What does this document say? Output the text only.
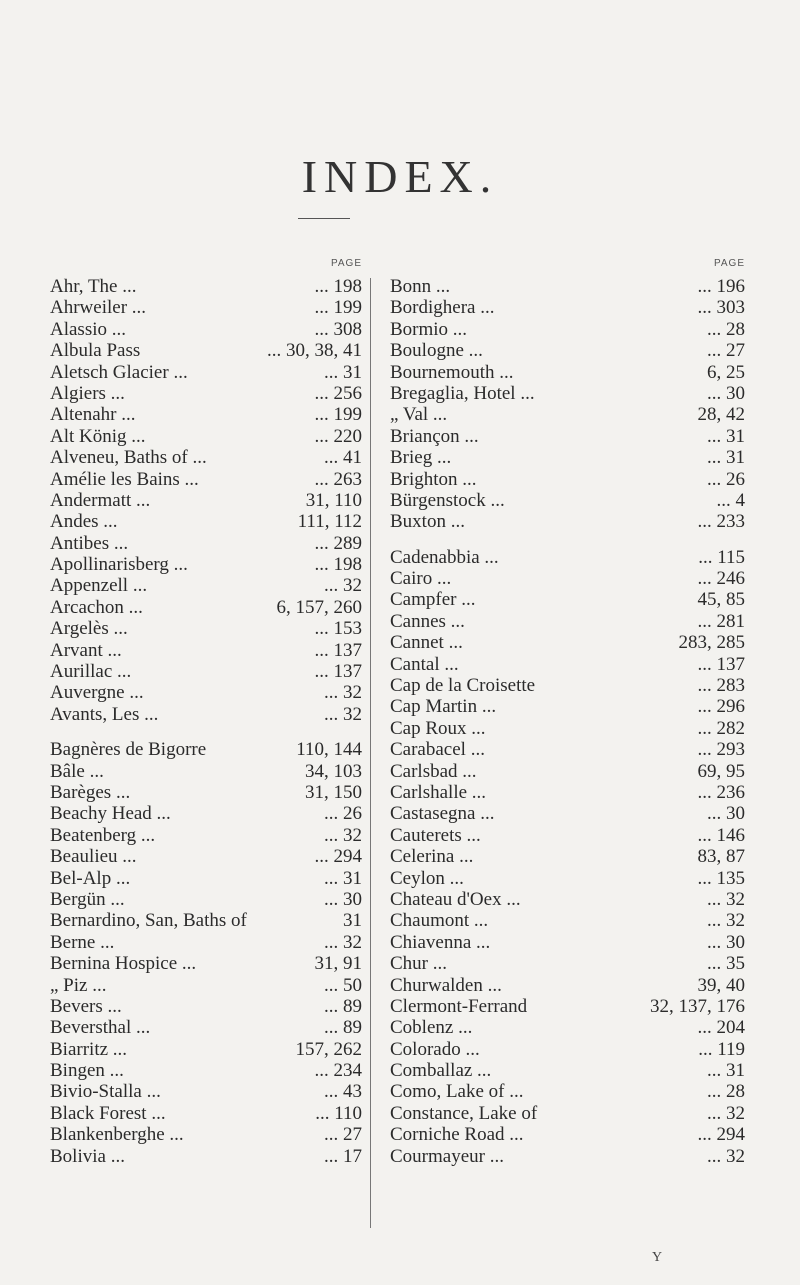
INDEX.
PAGE
Ahr, The ...	... 198
Ahrweiler ...	... 199
Alassio ...	... 308
Albula Pass	... 30, 38, 41
Aletsch Glacier ...	... 31
Algiers ...	... 256
Altenahr ...	... 199
Alt König ...	... 220
Alveneu, Baths of ...	... 41
Amélie les Bains ...	... 263
Andermatt ...	31, 110
Andes ...	111, 112
Antibes ...	... 289
Apollinarisberg ...	... 198
Appenzell ...	... 32
Arcachon ...	6, 157, 260
Argelès ...	... 153
Arvant ...	... 137
Aurillac ...	... 137
Auvergne ...	... 32
Avants, Les ...	... 32
Bagnères de Bigorre	110, 144
Bâle ...	34, 103
Barèges ...	31, 150
Beachy Head ...	... 26
Beatenberg ...	... 32
Beaulieu ...	... 294
Bel-Alp ...	... 31
Bergün ...	... 30
Bernardino, San, Baths of	31
Berne ...	... 32
Bernina Hospice ...	31, 91
„ Piz ...	... 50
Bevers ...	... 89
Beversthal ...	... 89
Biarritz ...	157, 262
Bingen ...	... 234
Bivio-Stalla ...	... 43
Black Forest ...	... 110
Blankenberghe ...	... 27
Bolivia ...	... 17
PAGE
Bonn ...	... 196
Bordighera ...	... 303
Bormio ...	... 28
Boulogne ...	... 27
Bournemouth ...	6, 25
Bregaglia, Hotel ...	... 30
„ Val ...	28, 42
Briançon ...	... 31
Brieg ...	... 31
Brighton ...	... 26
Bürgenstock ...	... 4
Buxton ...	... 233
Cadenabbia ...	... 115
Cairo ...	... 246
Campfer ...	45, 85
Cannes ...	... 281
Cannet ...	283, 285
Cantal ...	... 137
Cap de la Croisette	... 283
Cap Martin ...	... 296
Cap Roux ...	... 282
Carabacel ...	... 293
Carlsbad ...	69, 95
Carlshalle ...	... 236
Castasegna ...	... 30
Cauterets ...	... 146
Celerina ...	83, 87
Ceylon ...	... 135
Chateau d'Oex ...	... 32
Chaumont ...	... 32
Chiavenna ...	... 30
Chur ...	... 35
Churwalden ...	39, 40
Clermont-Ferrand	32, 137, 176
Coblenz ...	... 204
Colorado ...	... 119
Comballaz ...	... 31
Como, Lake of ...	... 28
Constance, Lake of	... 32
Corniche Road ...	... 294
Courmayeur ...	... 32
Y
